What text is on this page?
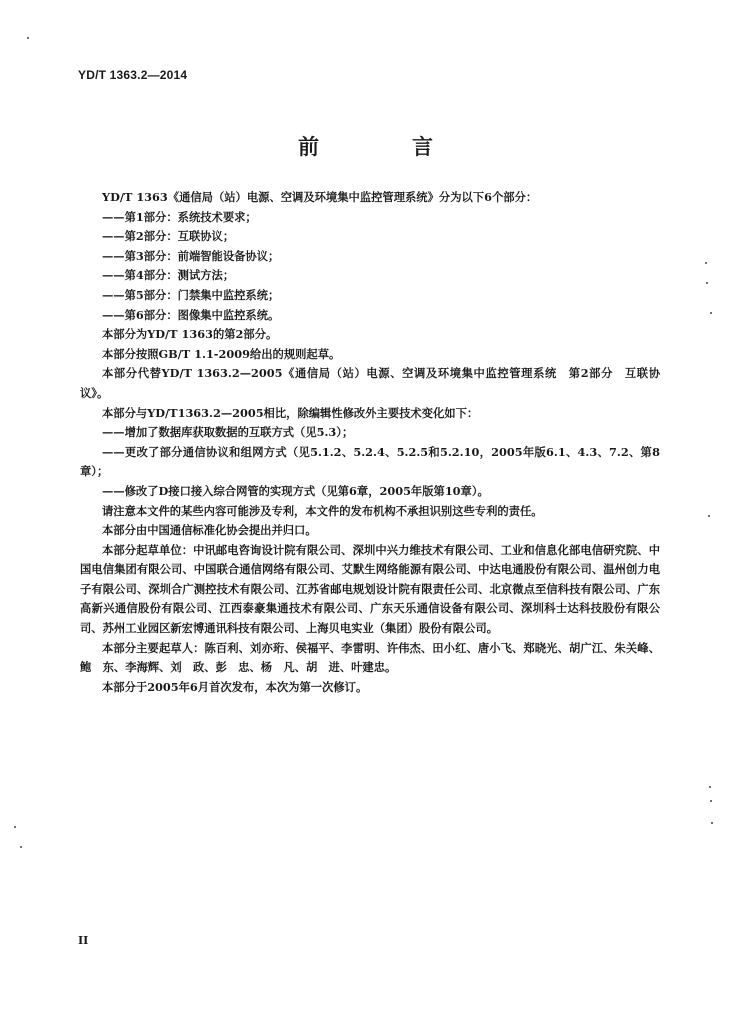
YD/T 1363.2—2014
前　言

YD/T 1363《通信局（站）电源、空调及环境集中监控管理系统》分为以下6个部分：

——第1部分：系统技术要求；

——第2部分：互联协议；

——第3部分：前端智能设备协议；

——第4部分：测试方法；

——第5部分：门禁集中监控系统；

——第6部分：图像集中监控系统。

本部分为YD/T 1363的第2部分。

本部分按照GB/T 1.1-2009给出的规则起草。

本部分代替YD/T 1363.2—2005《通信局（站）电源、空调及环境集中监控管理系统　第2部分　互联协议》。

本部分与YD/T1363.2—2005相比，除编辑性修改外主要技术变化如下：

——增加了数据库获取数据的互联方式（见5.3）；

——更改了部分通信协议和组网方式（见5.1.2、5.2.4、5.2.5和5.2.10，2005年版6.1、4.3、7.2、第8章）；

——修改了D接口接入综合网管的实现方式（见第6章，2005年版第10章）。

请注意本文件的某些内容可能涉及专利，本文件的发布机构不承担识别这些专利的责任。

本部分由中国通信标准化协会提出并归口。

本部分起草单位：中讯邮电咨询设计院有限公司、深圳中兴力维技术有限公司、工业和信息化部电信研究院、中国电信集团有限公司、中国联合通信网络有限公司、艾默生网络能源有限公司、中达电通股份有限公司、温州创力电子有限公司、深圳合广测控技术有限公司、江苏省邮电规划设计院有限责任公司、北京微点至信科技有限公司、广东高新兴通信股份有限公司、江西泰豪集通技术有限公司、广东天乐通信设备有限公司、深圳科士达科技股份有限公司、苏州工业园区新宏博通讯科技有限公司、上海贝电实业（集团）股份有限公司。

本部分主要起草人：陈百利、刘亦珩、侯福平、李雷明、许伟杰、田小红、唐小飞、郑晓光、胡广江、朱关峰、鲍　东、李海辉、刘　政、彭　忠、杨　凡、胡　进、叶建忠。

本部分于2005年6月首次发布，本次为第一次修订。

II
